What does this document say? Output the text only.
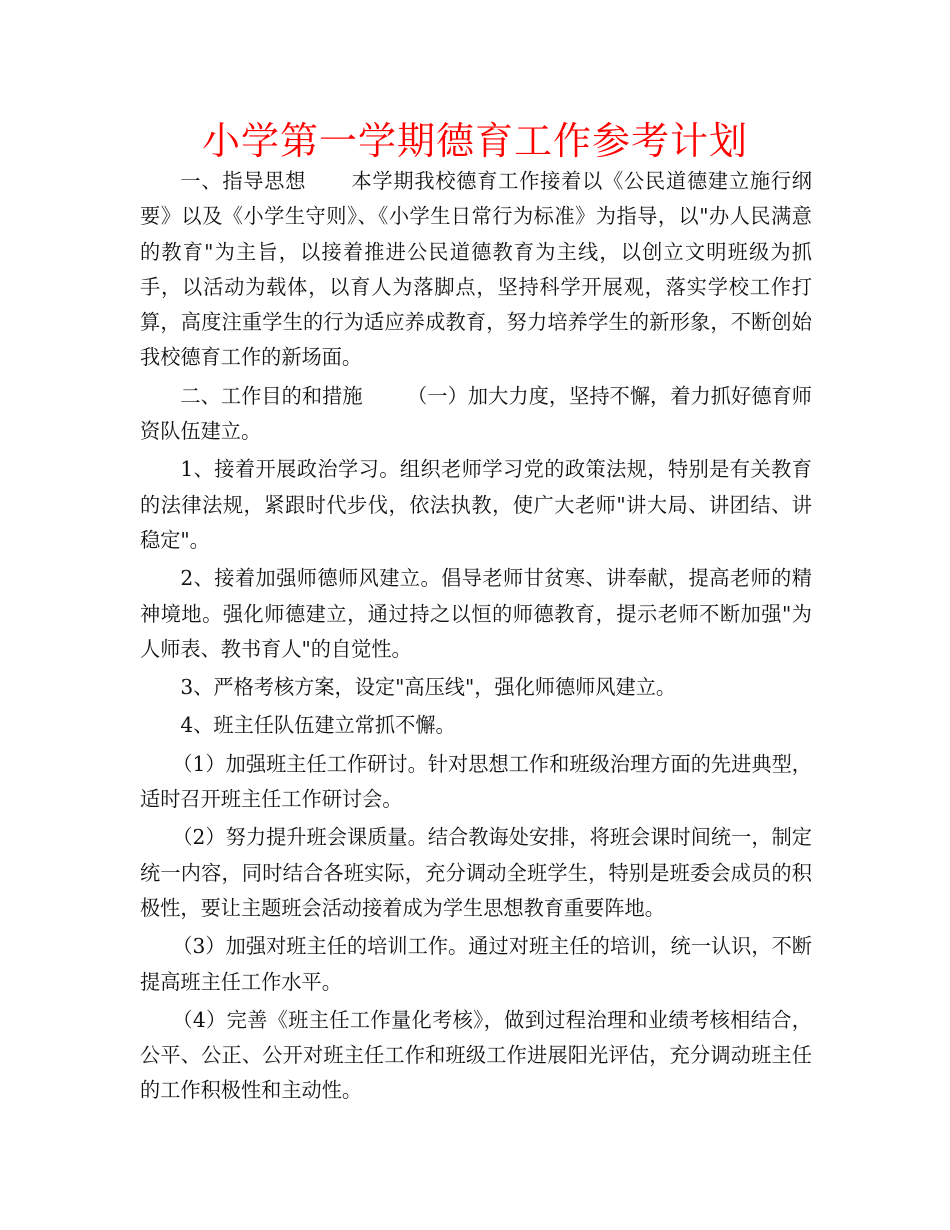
小学第一学期德育工作参考计划

一、指导思想 本学期我校德育工作接着以《公民道德建立施行纲要》以及《小学生守则》、《小学生日常行为标准》为指导，以"办人民满意的教育"为主旨，以接着推进公民道德教育为主线，以创立文明班级为抓手，以活动为载体，以育人为落脚点，坚持科学开展观，落实学校工作打算，高度注重学生的行为适应养成教育，努力培养学生的新形象，不断创始我校德育工作的新场面。

二、工作目的和措施 （一）加大力度，坚持不懈，着力抓好德育师资队伍建立。

1、接着开展政治学习。组织老师学习党的政策法规，特别是有关教育的法律法规，紧跟时代步伐，依法执教，使广大老师"讲大局、讲团结、讲稳定"。

2、接着加强师德师风建立。倡导老师甘贫寒、讲奉献，提高老师的精神境地。强化师德建立，通过持之以恒的师德教育，提示老师不断加强"为人师表、教书育人"的自觉性。

3、严格考核方案，设定"高压线"，强化师德师风建立。

4、班主任队伍建立常抓不懈。

（1）加强班主任工作研讨。针对思想工作和班级治理方面的先进典型，适时召开班主任工作研讨会。

（2）努力提升班会课质量。结合教诲处安排，将班会课时间统一，制定统一内容，同时结合各班实际，充分调动全班学生，特别是班委会成员的积极性，要让主题班会活动接着成为学生思想教育重要阵地。

（3）加强对班主任的培训工作。通过对班主任的培训，统一认识，不断提高班主任工作水平。

（4）完善《班主任工作量化考核》，做到过程治理和业绩考核相结合，公平、公正、公开对班主任工作和班级工作进展阳光评估，充分调动班主任的工作积极性和主动性。
